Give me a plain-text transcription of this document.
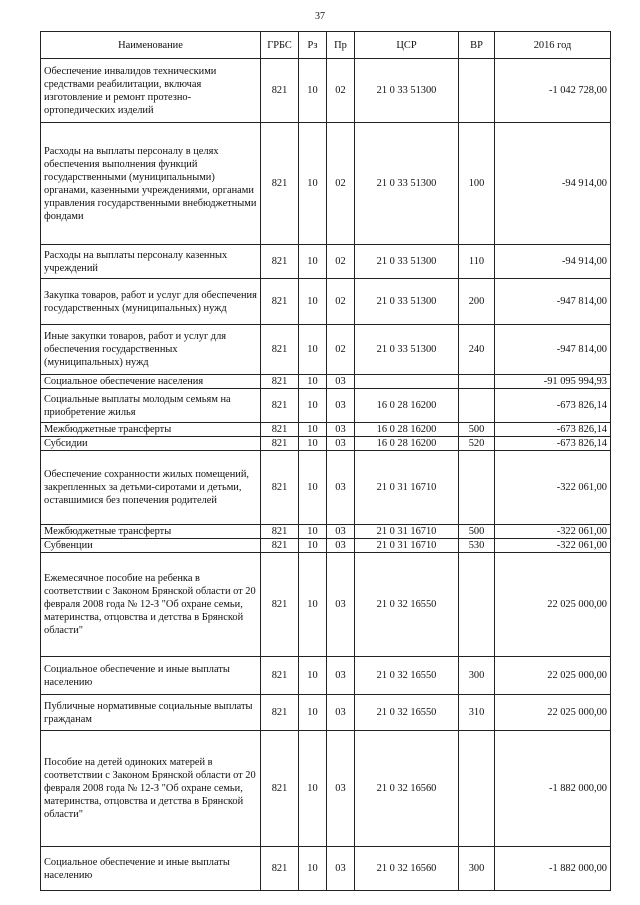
37
Наименование	ГРБС	Рз	Пр	ЦСР	ВР	2016 год
Обеспечение инвалидов техническими средствами реабилитации, включая изготовление и ремонт протезно-ортопедических изделий	821	10	02	21 0 33 51300		-1 042 728,00
Расходы на выплаты персоналу в целях обеспечения выполнения функций государственными (муниципальными) органами, казенными учреждениями, органами управления государственными внебюджетными фондами	821	10	02	21 0 33 51300	100	-94 914,00
Расходы на выплаты персоналу казенных учреждений	821	10	02	21 0 33 51300	110	-94 914,00
Закупка товаров, работ и услуг для обеспечения государственных (муниципальных) нужд	821	10	02	21 0 33 51300	200	-947 814,00
Иные закупки товаров, работ и услуг для обеспечения государственных (муниципальных) нужд	821	10	02	21 0 33 51300	240	-947 814,00
Социальное обеспечение населения	821	10	03			-91 095 994,93
Социальные выплаты молодым семьям на приобретение жилья	821	10	03	16 0 28 16200		-673 826,14
Межбюджетные трансферты	821	10	03	16 0 28 16200	500	-673 826,14
Субсидии	821	10	03	16 0 28 16200	520	-673 826,14
Обеспечение сохранности жилых помещений, закрепленных за детьми-сиротами и детьми, оставшимися без попечения родителей	821	10	03	21 0 31 16710		-322 061,00
Межбюджетные трансферты	821	10	03	21 0 31 16710	500	-322 061,00
Субвенции	821	10	03	21 0 31 16710	530	-322 061,00
Ежемесячное пособие на ребенка в соответствии с Законом Брянской области от 20 февраля 2008 года № 12-З "Об охране семьи, материнства, отцовства и детства в Брянской области"	821	10	03	21 0 32 16550		22 025 000,00
Социальное обеспечение и иные выплаты населению	821	10	03	21 0 32 16550	300	22 025 000,00
Публичные нормативные социальные выплаты гражданам	821	10	03	21 0 32 16550	310	22 025 000,00
Пособие на детей одиноких матерей в соответствии с Законом Брянской области от 20 февраля 2008 года № 12-З "Об охране семьи, материнства, отцовства и детства в Брянской области"	821	10	03	21 0 32 16560		-1 882 000,00
Социальное обеспечение и иные выплаты населению	821	10	03	21 0 32 16560	300	-1 882 000,00
